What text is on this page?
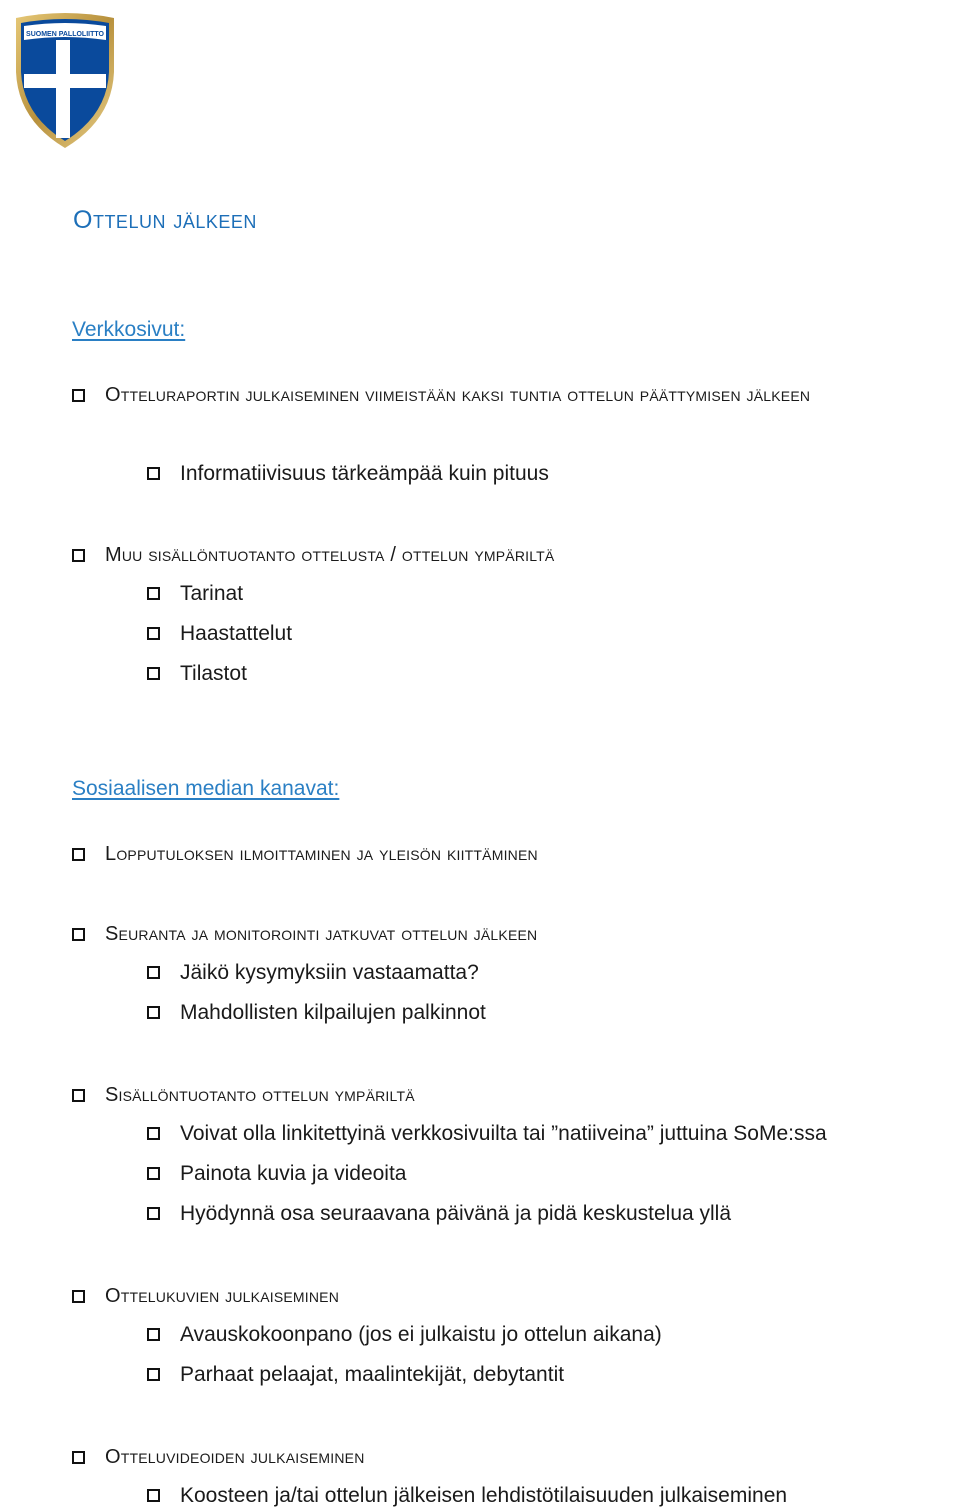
SUOMEN PALLOLIITTO
Ottelun jälkeen
Verkkosivut:
Otteluraportin julkaiseminen viimeistään kaksi tuntia ottelun päättymisen jälkeen
Informatiivisuus tärkeämpää kuin pituus
Muu sisällöntuotanto ottelusta / ottelun ympäriltä
Tarinat
Haastattelut
Tilastot
Sosiaalisen median kanavat:
Lopputuloksen ilmoittaminen ja yleisön kiittäminen
Seuranta ja monitorointi jatkuvat ottelun jälkeen
Jäikö kysymyksiin vastaamatta?
Mahdollisten kilpailujen palkinnot
Sisällöntuotanto ottelun ympäriltä
Voivat olla linkitettyinä verkkosivuilta tai ”natiiveina” juttuina SoMe:ssa
Painota kuvia ja videoita
Hyödynnä osa seuraavana päivänä ja pidä keskustelua yllä
Ottelukuvien julkaiseminen
Avauskokoonpano (jos ei julkaistu jo ottelun aikana)
Parhaat pelaajat, maalintekijät, debytantit
Otteluvideoiden julkaiseminen
Koosteen ja/tai ottelun jälkeisen lehdistötilaisuuden julkaiseminen
